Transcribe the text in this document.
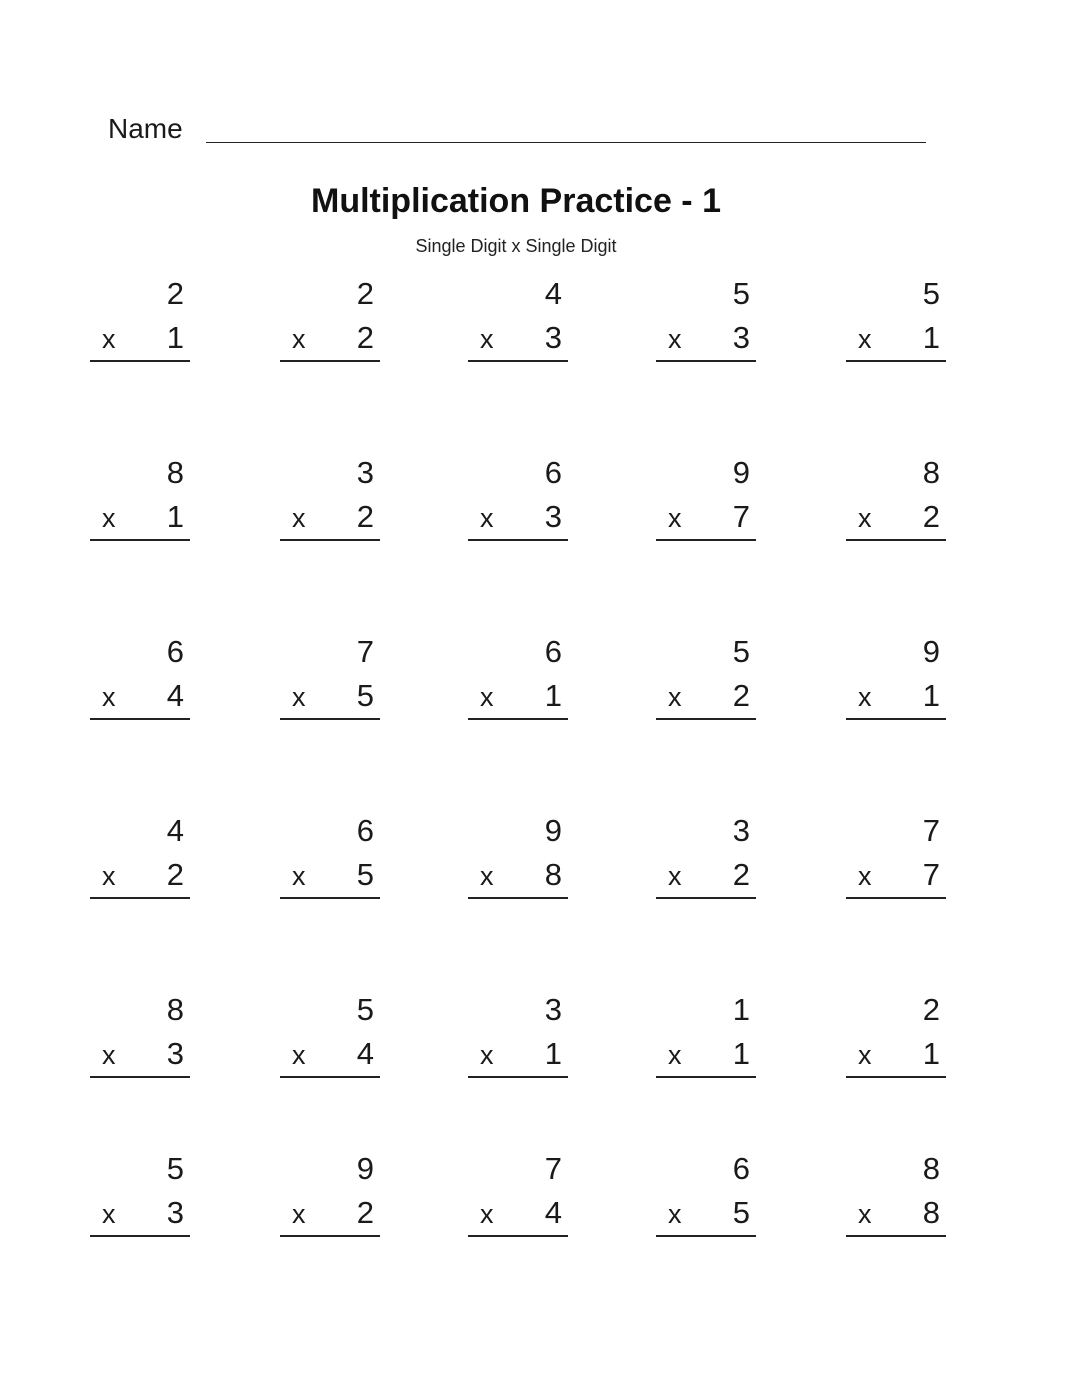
Name
Multiplication Practice - 1
Single Digit x Single Digit
2
x 1
2
x 2
4
x 3
5
x 3
5
x 1
8
x 1
3
x 2
6
x 3
9
x 7
8
x 2
6
x 4
7
x 5
6
x 1
5
x 2
9
x 1
4
x 2
6
x 5
9
x 8
3
x 2
7
x 7
8
x 3
5
x 4
3
x 1
1
x 1
2
x 1
5
x 3
9
x 2
7
x 4
6
x 5
8
x 8
